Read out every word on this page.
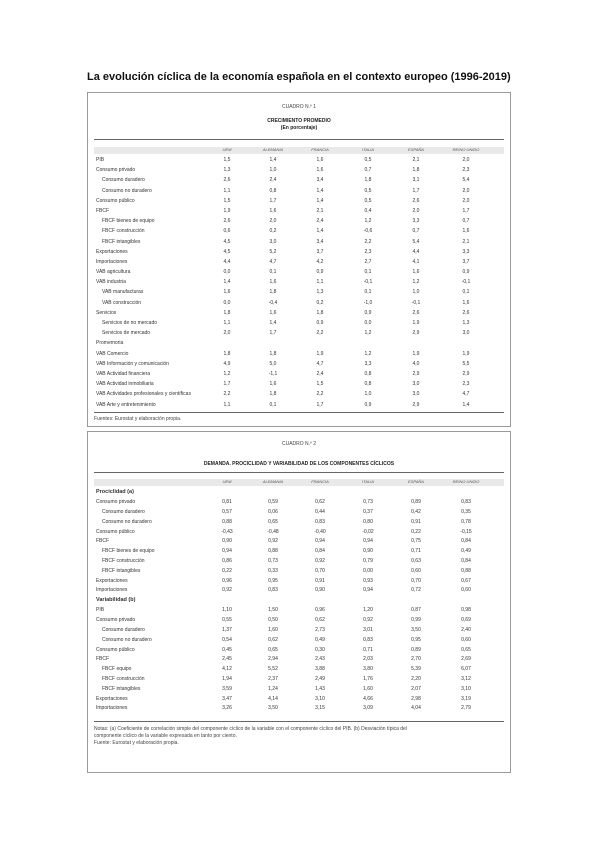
La evolución cíclica de la economía española en el contexto europeo (1996-2019)
CUADRO N.º 1
CRECIMIENTO PROMEDIO
(En porcentaje)
UEM	ALEMANIA	FRANCIA	ITALIA	ESPAÑA	REINO UNIDO
PIB	1,5	1,4	1,6	0,5	2,1	2,0
Consumo privado	1,3	1,0	1,6	0,7	1,8	2,3
Consumo duradero	2,6	2,4	3,4	1,8	3,1	5,4
Consumo no duradero	1,1	0,8	1,4	0,5	1,7	2,0
Consumo público	1,5	1,7	1,4	0,5	2,6	2,0
FBCF	1,9	1,6	2,1	0,4	2,0	1,7
FBCF bienes de equipo	2,6	2,0	2,4	1,2	3,3	0,7
FBCF construcción	0,6	0,2	1,4	-0,6	0,7	1,6
FBCF intangibles	4,5	3,0	3,4	2,2	5,4	2,1
Exportaciones	4,5	5,2	3,7	2,3	4,4	3,3
Importaciones	4,4	4,7	4,2	2,7	4,1	3,7
VAB agricultura	0,0	0,1	0,9	0,1	1,6	0,9
VAB industria	1,4	1,6	1,1	-0,1	1,2	-0,1
VAB manufacturas	1,6	1,8	1,3	0,1	1,0	0,1
VAB construcción	0,0	-0,4	0,2	-1,0	-0,1	1,6
Servicios	1,8	1,6	1,8	0,9	2,6	2,6
Servicios de no mercado	1,1	1,4	0,9	0,0	1,9	1,3
Servicios de mercado	2,0	1,7	2,2	1,2	2,9	3,0
Promemoria
VAB Comercio	1,8	1,8	1,9	1,2	1,9	1,9
VAB Información y comunicación	4,9	5,0	4,7	3,3	4,0	5,5
VAB Actividad financiera	1,2	-1,1	2,4	0,8	2,9	2,9
VAB Actividad inmobiliaria	1,7	1,6	1,5	0,8	3,0	2,3
VAB Actividades profesionales y científicas	2,2	1,8	2,2	1,0	3,0	4,7
VAB Arte y entretenimiento	1,1	0,1	1,7	0,9	2,9	1,4
Fuentes: Eurostat y elaboración propia.
CUADRO N.º 2
DEMANDA. PROCICLIDAD Y VARIABILIDAD DE LOS COMPONENTES CÍCLICOS
UEM	ALEMANIA	FRANCIA	ITALIA	ESPAÑA	REINO UNIDO
Prociclidad (a)
Consumo privado	0,81	0,59	0,62	0,73	0,89	0,83
Consumo duradero	0,57	0,06	0,44	0,37	0,42	0,35
Consumo no duradero	0,88	0,65	0,83	0,80	0,91	0,78
Consumo público	-0,43	-0,48	-0,40	-0,02	0,22	-0,15
FBCF	0,90	0,92	0,94	0,94	0,75	0,84
FBCF bienes de equipo	0,94	0,88	0,84	0,90	0,71	0,49
FBCF construcción	0,86	0,73	0,92	0,79	0,63	0,84
FBCF intangibles	0,22	0,33	0,70	0,00	0,60	0,88
Exportaciones	0,96	0,95	0,91	0,93	0,70	0,67
Importaciones	0,92	0,83	0,90	0,94	0,72	0,60
Variabilidad (b)
PIB	1,10	1,50	0,96	1,20	0,87	0,98
Consumo privado	0,55	0,50	0,62	0,92	0,99	0,69
Consumo duradero	1,37	1,60	2,73	3,01	3,50	2,40
Consumo no duradero	0,54	0,62	0,49	0,83	0,95	0,60
Consumo público	0,45	0,65	0,30	0,71	0,89	0,65
FBCF	2,45	2,94	2,43	2,03	2,70	2,69
FBCF equipo	4,12	5,52	3,88	3,80	5,39	6,07
FBCF construcción	1,94	2,37	2,49	1,76	2,20	3,12
FBCF intangibles	3,59	1,24	1,43	1,60	2,07	3,10
Exportaciones	3,47	4,14	3,10	4,66	2,98	3,19
Importaciones	3,26	3,50	3,15	3,09	4,04	2,79
Notas: (a) Coeficiente de correlación simple del componente cíclico de la variable con el componente cíclico del PIB. (b) Desviación típica del
componente cíclico de la variable expresada en tanto por ciento.
Fuente: Eurostat y elaboración propia.
